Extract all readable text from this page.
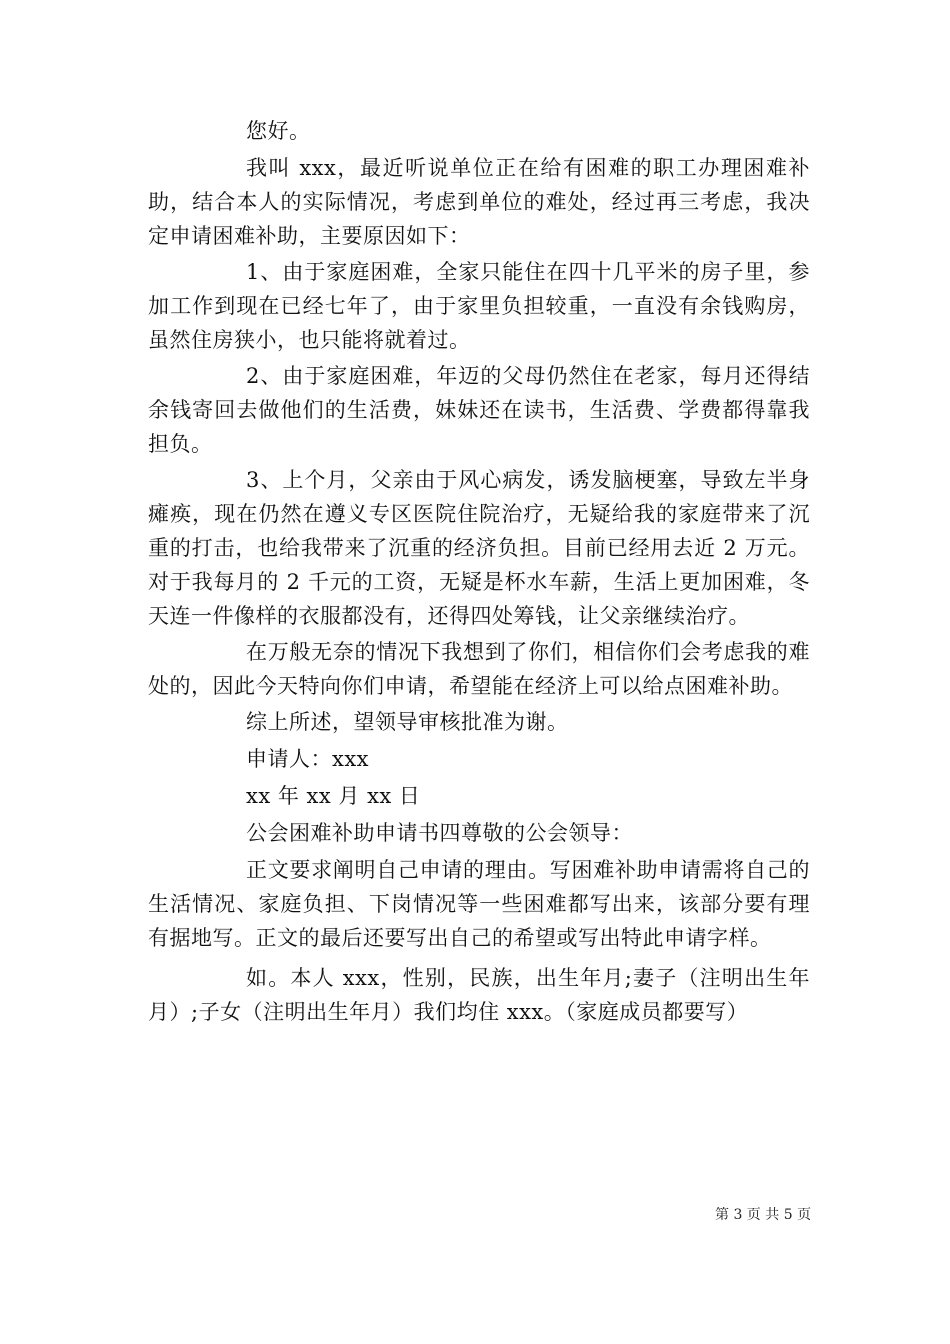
您好。

我叫 xxx，最近听说单位正在给有困难的职工办理困难补助，结合本人的实际情况，考虑到单位的难处，经过再三考虑，我决定申请困难补助，主要原因如下：

1、由于家庭困难，全家只能住在四十几平米的房子里，参加工作到现在已经七年了，由于家里负担较重，一直没有余钱购房，虽然住房狭小，也只能将就着过。

2、由于家庭困难，年迈的父母仍然住在老家，每月还得结余钱寄回去做他们的生活费，妹妹还在读书，生活费、学费都得靠我担负。

3、上个月，父亲由于风心病发，诱发脑梗塞，导致左半身瘫痪，现在仍然在遵义专区医院住院治疗，无疑给我的家庭带来了沉重的打击，也给我带来了沉重的经济负担。目前已经用去近 2 万元。对于我每月的 2 千元的工资，无疑是杯水车薪，生活上更加困难，冬天连一件像样的衣服都没有，还得四处筹钱，让父亲继续治疗。

在万般无奈的情况下我想到了你们，相信你们会考虑我的难处的，因此今天特向你们申请，希望能在经济上可以给点困难补助。

综上所述，望领导审核批准为谢。

申请人：xxx

xx 年 xx 月 xx 日

公会困难补助申请书四尊敬的公会领导：

正文要求阐明自己申请的理由。写困难补助申请需将自己的生活情况、家庭负担、下岗情况等一些困难都写出来，该部分要有理有据地写。正文的最后还要写出自己的希望或写出特此申请字样。

如。本人 xxx，性别，民族，出生年月;妻子（注明出生年月）;子女（注明出生年月）我们均住 xxx。（家庭成员都要写）

第 3 页 共 5 页
